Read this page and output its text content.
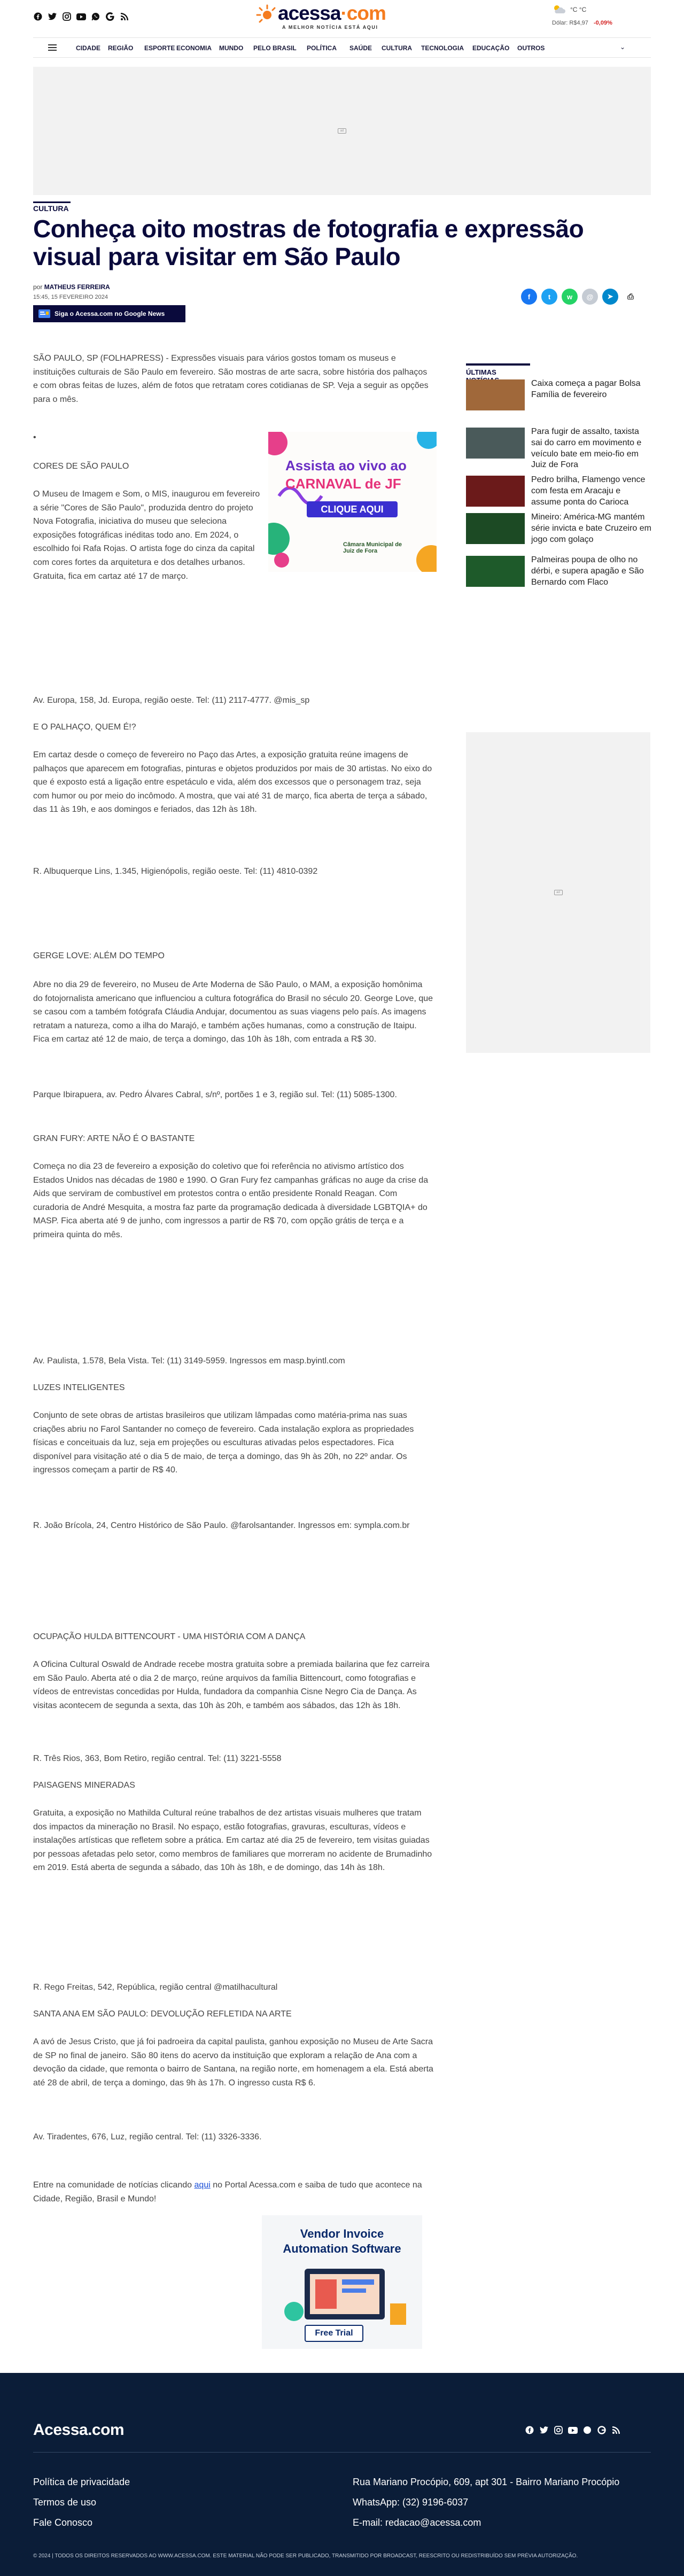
acessa·com
A MELHOR NOTÍCIA ESTÁ AQUI
°C °C
Dólar: R$4,97 -0,09%
CIDADE	REGIÃO	ESPORTE ECONOMIA	MUNDO	PELO BRASIL	POLÍTICA	SAÚDE	CULTURA	TECNOLOGIA	EDUCAÇÃO	OUTROS	⌄
ad
CULTURA
Conheça oito mostras de fotografia e expressão visual para visitar em São Paulo
por MATHEUS FERREIRA
15:45, 15 FEVEREIRO 2024
Siga o Acessa.com no Google News
f	t	w	@	➤	⎙

SÃO PAULO, SP (FOLHAPRESS) - Expressões visuais para vários gostos tomam os museus e instituições culturais de São Paulo em fevereiro. São mostras de arte sacra, sobre história dos palhaços e com obras feitas de luzes, além de fotos que retratam cores cotidianas de SP. Veja a seguir as opções para o mês.

•

Assista ao vivo ao
CARNAVAL de JF
CLIQUE AQUI
Câmara Municipal de Juiz de Fora

CORES DE SÃO PAULO

O Museu de Imagem e Som, o MIS, inaugurou em fevereiro a série "Cores de São Paulo", produzida dentro do projeto Nova Fotografia, iniciativa do museu que seleciona exposições fotográficas inéditas todo ano. Em 2024, o escolhido foi Rafa Rojas. O artista foge do cinza da capital com cores fortes da arquitetura e dos detalhes urbanos. Gratuita, fica em cartaz até 17 de março.

Av. Europa, 158, Jd. Europa, região oeste. Tel: (11) 2117-4777. @mis_sp

E O PALHAÇO, QUEM É!?

Em cartaz desde o começo de fevereiro no Paço das Artes, a exposição gratuita reúne imagens de palhaços que aparecem em fotografias, pinturas e objetos produzidos por mais de 30 artistas. No eixo do que é exposto está a ligação entre espetáculo e vida, além dos excessos que o personagem traz, seja com humor ou por meio do incômodo. A mostra, que vai até 31 de março, fica aberta de terça a sábado, das 11 às 19h, e aos domingos e feriados, das 12h às 18h.

R. Albuquerque Lins, 1.345, Higienópolis, região oeste. Tel: (11) 4810-0392

GERGE LOVE: ALÉM DO TEMPO

Abre no dia 29 de fevereiro, no Museu de Arte Moderna de São Paulo, o MAM, a exposição homônima do fotojornalista americano que influenciou a cultura fotográfica do Brasil no século 20. George Love, que se casou com a também fotógrafa Cláudia Andujar, documentou as suas viagens pelo país. As imagens retratam a natureza, como a ilha do Marajó, e também ações humanas, como a construção de Itaipu. Fica em cartaz até 12 de maio, de terça a domingo, das 10h às 18h, com entrada a R$ 30.

Parque Ibirapuera, av. Pedro Álvares Cabral, s/nº, portões 1 e 3, região sul. Tel: (11) 5085-1300.

GRAN FURY: ARTE NÃO É O BASTANTE

Começa no dia 23 de fevereiro a exposição do coletivo que foi referência no ativismo artístico dos Estados Unidos nas décadas de 1980 e 1990. O Gran Fury fez campanhas gráficas no auge da crise da Aids que serviram de combustível em protestos contra o então presidente Ronald Reagan. Com curadoria de André Mesquita, a mostra faz parte da programação dedicada à diversidade LGBTQIA+ do MASP. Fica aberta até 9 de junho, com ingressos a partir de R$ 70, com opção grátis de terça e a primeira quinta do mês.

Av. Paulista, 1.578, Bela Vista. Tel: (11) 3149-5959. Ingressos em masp.byintl.com

LUZES INTELIGENTES

Conjunto de sete obras de artistas brasileiros que utilizam lâmpadas como matéria-prima nas suas criações abriu no Farol Santander no começo de fevereiro. Cada instalação explora as propriedades físicas e conceituais da luz, seja em projeções ou esculturas ativadas pelos espectadores. Fica disponível para visitação até o dia 5 de maio, de terça a domingo, das 9h às 20h, no 22º andar. Os ingressos começam a partir de R$ 40.

R. João Brícola, 24, Centro Histórico de São Paulo. @farolsantander. Ingressos em: sympla.com.br

OCUPAÇÃO HULDA BITTENCOURT - UMA HISTÓRIA COM A DANÇA

A Oficina Cultural Oswald de Andrade recebe mostra gratuita sobre a premiada bailarina que fez carreira em São Paulo. Aberta até o dia 2 de março, reúne arquivos da família Bittencourt, como fotografias e vídeos de entrevistas concedidas por Hulda, fundadora da companhia Cisne Negro Cia de Dança. As visitas acontecem de segunda a sexta, das 10h às 20h, e também aos sábados, das 12h às 18h.

R. Três Rios, 363, Bom Retiro, região central. Tel: (11) 3221-5558

PAISAGENS MINERADAS

Gratuita, a exposição no Mathilda Cultural reúne trabalhos de dez artistas visuais mulheres que tratam dos impactos da mineração no Brasil. No espaço, estão fotografias, gravuras, esculturas, vídeos e instalações artísticas que refletem sobre a prática. Em cartaz até dia 25 de fevereiro, tem visitas guiadas por pessoas afetadas pelo setor, como membros de familiares que morreram no acidente de Brumadinho em 2019. Está aberta de segunda a sábado, das 10h às 18h, e de domingo, das 14h às 18h.

R. Rego Freitas, 542, República, região central @matilhacultural

SANTA ANA EM SÃO PAULO: DEVOLUÇÃO REFLETIDA NA ARTE

A avó de Jesus Cristo, que já foi padroeira da capital paulista, ganhou exposição no Museu de Arte Sacra de SP no final de janeiro. São 80 itens do acervo da instituição que exploram a relação de Ana com a devoção da cidade, que remonta o bairro de Santana, na região norte, em homenagem a ela. Está aberta até 28 de abril, de terça a domingo, das 9h às 17h. O ingresso custa R$ 6.

Av. Tiradentes, 676, Luz, região central. Tel: (11) 3326-3336.

Entre na comunidade de notícias clicando aqui no Portal Acessa.com e saiba de tudo que acontece na Cidade, Região, Brasil e Mundo!

ÚLTIMAS
Caixa começa a pagar Bolsa Família de fevereiro
Para fugir de assalto, taxista sai do carro em movimento e veículo bate em meio-fio em Juiz de Fora
Pedro brilha, Flamengo vence com festa em Aracaju e assume ponta do Carioca
Mineiro: América-MG mantém série invicta e bate Cruzeiro em jogo com golaço
Palmeiras poupa de olho no dérbi, e supera apagão e São Bernardo com Flaco
ad
Vendor Invoice
Automation Software
Free Trial
Acessa.com
Política de privacidade
Termos de uso
Fale Conosco
Rua Mariano Procópio, 609, apt 301 - Bairro Mariano Procópio
WhatsApp: (32) 9196-6037
E-mail: redacao@acessa.com
© 2024 | TODOS OS DIREITOS RESERVADOS AO WWW.ACESSA.COM. ESTE MATERIAL NÃO PODE SER PUBLICADO, TRANSMITIDO POR BROADCAST, REESCRITO OU REDISTRIBUÍDO SEM PRÉVIA AUTORIZAÇÃO.
